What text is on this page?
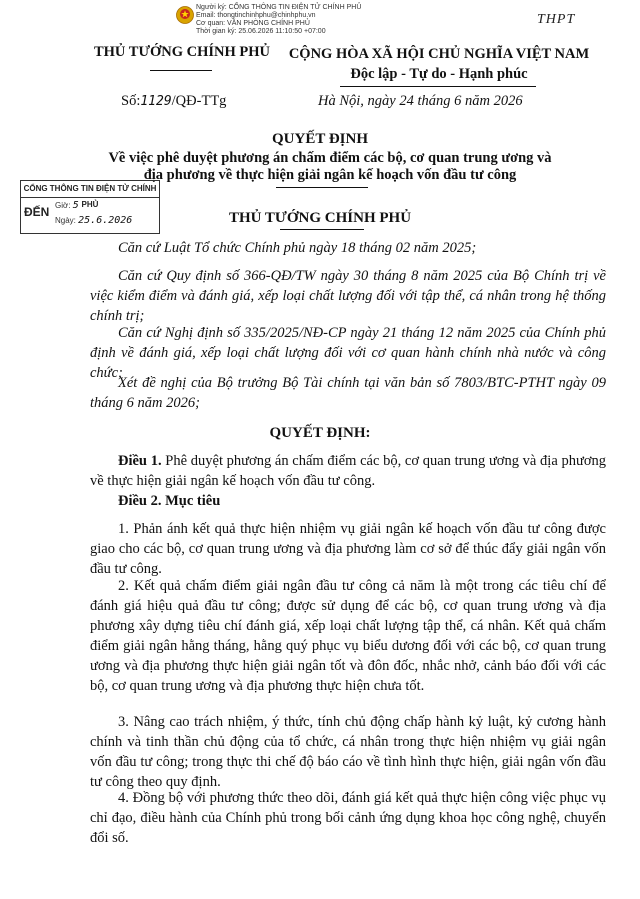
Người ký: CỔNG THÔNG TIN ĐIỆN TỬ CHÍNH PHỦ
Email: thongtinchinhphu@chinhphu.vn
Cơ quan: VĂN PHÒNG CHÍNH PHỦ
Thời gian ký: 25.06.2026 11:10:50 +07:00
THPT
THỦ TƯỚNG CHÍNH PHỦ	CỘNG HÒA XÃ HỘI CHỦ NGHĨA VIỆT NAM
Độc lập - Tự do - Hạnh phúc
Số:1129/QĐ-TTg	Hà Nội, ngày 24 tháng 6 năm 2026
QUYẾT ĐỊNH
Về việc phê duyệt phương án chấm điểm các bộ, cơ quan trung ương và địa phương về thực hiện giải ngân kế hoạch vốn đầu tư công
CỔNG THÔNG TIN ĐIỆN TỬ CHÍNH PHỦ
ĐẾN Giờ: 5
Ngày: 25.6.2026	THỦ TƯỚNG CHÍNH PHỦ
Căn cứ Luật Tổ chức Chính phủ ngày 18 tháng 02 năm 2025;
Căn cứ Quy định số 366-QĐ/TW ngày 30 tháng 8 năm 2025 của Bộ Chính trị về việc kiểm điểm và đánh giá, xếp loại chất lượng đối với tập thể, cá nhân trong hệ thống chính trị;
Căn cứ Nghị định số 335/2025/NĐ-CP ngày 21 tháng 12 năm 2025 của Chính phủ định về đánh giá, xếp loại chất lượng đối với cơ quan hành chính nhà nước và công chức;
Xét đề nghị của Bộ trưởng Bộ Tài chính tại văn bản số 7803/BTC-PTHT ngày 09 tháng 6 năm 2026;
QUYẾT ĐỊNH:
Điều 1. Phê duyệt phương án chấm điểm các bộ, cơ quan trung ương và địa phương về thực hiện giải ngân kế hoạch vốn đầu tư công.
Điều 2. Mục tiêu
1. Phản ánh kết quả thực hiện nhiệm vụ giải ngân kế hoạch vốn đầu tư công được giao cho các bộ, cơ quan trung ương và địa phương làm cơ sở để thúc đẩy giải ngân vốn đầu tư công.
2. Kết quả chấm điểm giải ngân đầu tư công cả năm là một trong các tiêu chí để đánh giá hiệu quả đầu tư công; được sử dụng để các bộ, cơ quan trung ương và địa phương xây dựng tiêu chí đánh giá, xếp loại chất lượng tập thể, cá nhân. Kết quả chấm điểm giải ngân hằng tháng, hằng quý phục vụ biểu dương đối với các bộ, cơ quan trung ương và địa phương thực hiện giải ngân tốt và đôn đốc, nhắc nhở, cảnh báo đối với các bộ, cơ quan trung ương và địa phương thực hiện chưa tốt.
3. Nâng cao trách nhiệm, ý thức, tính chủ động chấp hành kỷ luật, kỷ cương hành chính và tinh thần chủ động của tổ chức, cá nhân trong thực hiện nhiệm vụ giải ngân vốn đầu tư công; trong thực thi chế độ báo cáo về tình hình thực hiện, giải ngân vốn đầu tư công theo quy định.
4. Đồng bộ với phương thức theo dõi, đánh giá kết quả thực hiện công việc phục vụ chỉ đạo, điều hành của Chính phủ trong bối cảnh ứng dụng khoa học công nghệ, chuyển đổi số.
